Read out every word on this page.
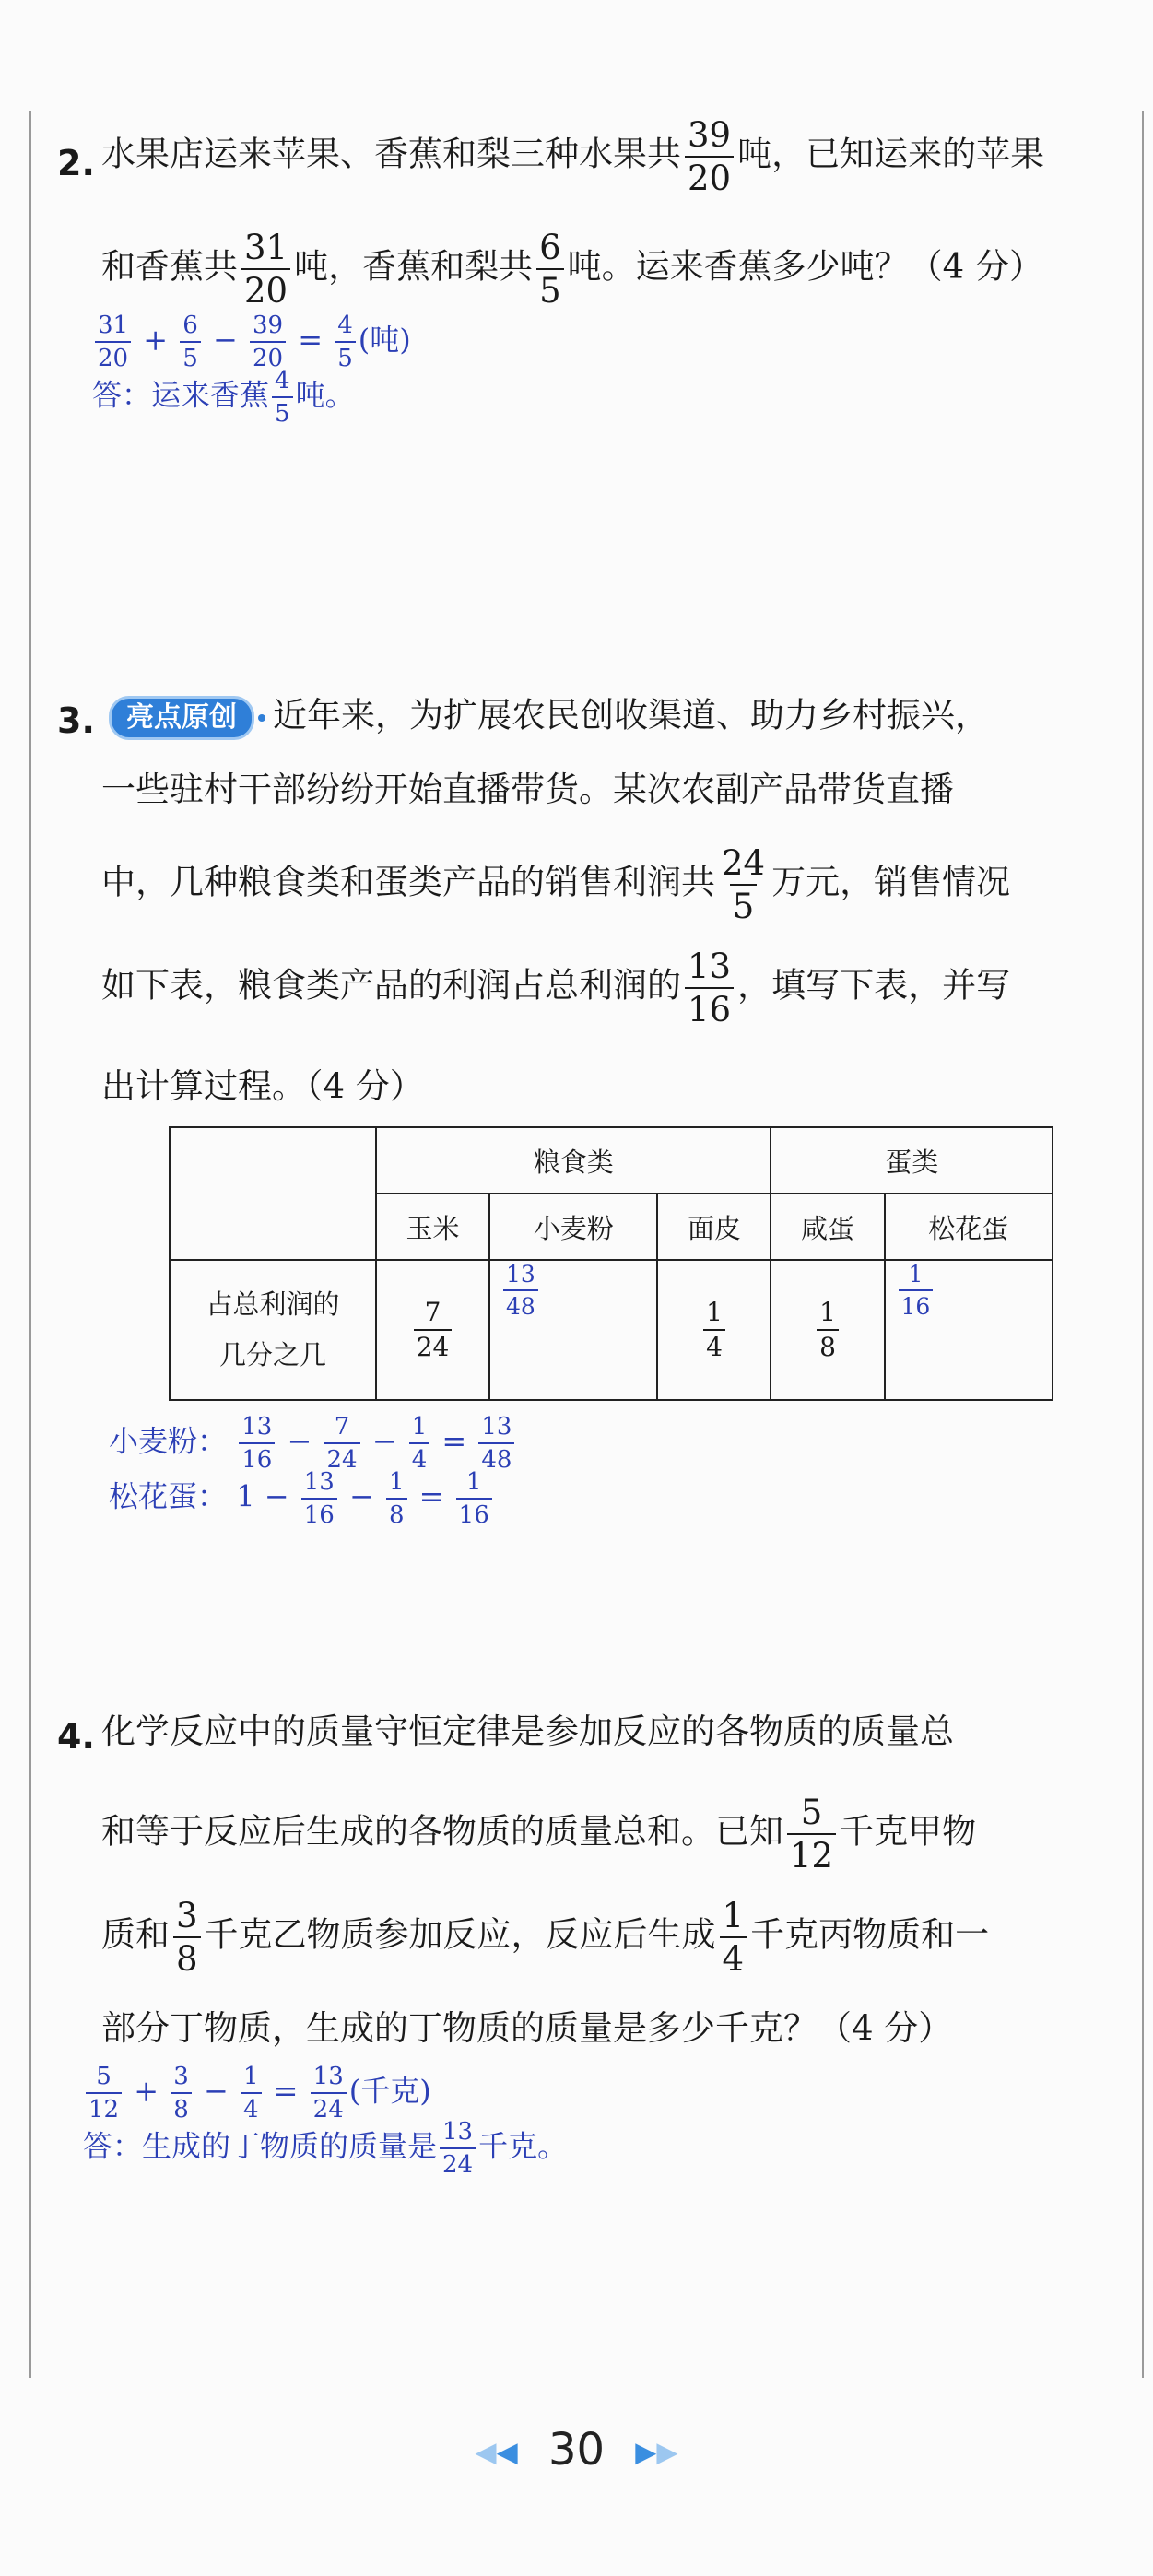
2. 水果店运来苹果、香蕉和梨三种水果共 $\frac{39}{20}$ 吨，已知运来的苹果
和香蕉共 $\frac{31}{20}$ 吨，香蕉和梨共 $\frac{6}{5}$ 吨。运来香蕉多少吨？（4 分）
$\frac{31}{20} + \frac{6}{5} - \frac{39}{20} = \frac{4}{5}$ (吨)
答：运来香蕉 $\frac{4}{5}$ 吨。
3.	亮点原创 近年来，为扩展农民创收渠道、助力乡村振兴，
一些驻村干部纷纷开始直播带货。某次农副产品带货直播
中，几种粮食类和蛋类产品的销售利润共 $\frac{24}{5}$ 万元，销售情况
如下表，粮食类产品的利润占总利润的 $\frac{13}{16}$ ，填写下表，并写
出计算过程。（4 分）
	粮食类			蛋类	
	玉米	小麦粉	面皮	咸蛋	松花蛋
占总利润的
几分之几	$\frac{7}{24}$	$\frac{13}{48}$	$\frac{1}{4}$	$\frac{1}{8}$	$\frac{1}{16}$
小麦粉： $\frac{13}{16} - \frac{7}{24} - \frac{1}{4} = \frac{13}{48}$
松花蛋： $1 - \frac{13}{16} - \frac{1}{8} = \frac{1}{16}$
4. 化学反应中的质量守恒定律是参加反应的各物质的质量总
和等于反应后生成的各物质的质量总和。已知 $\frac{5}{12}$ 千克甲物
质和 $\frac{3}{8}$ 千克乙物质参加反应，反应后生成 $\frac{1}{4}$ 千克丙物质和一
部分丁物质，生成的丁物质的质量是多少千克？（4 分）
$\frac{5}{12} + \frac{3}{8} - \frac{1}{4} = \frac{13}{24}$ (千克)
答：生成的丁物质的质量是 $\frac{13}{24}$ 千克。
◀◀ 30 ▶▶
